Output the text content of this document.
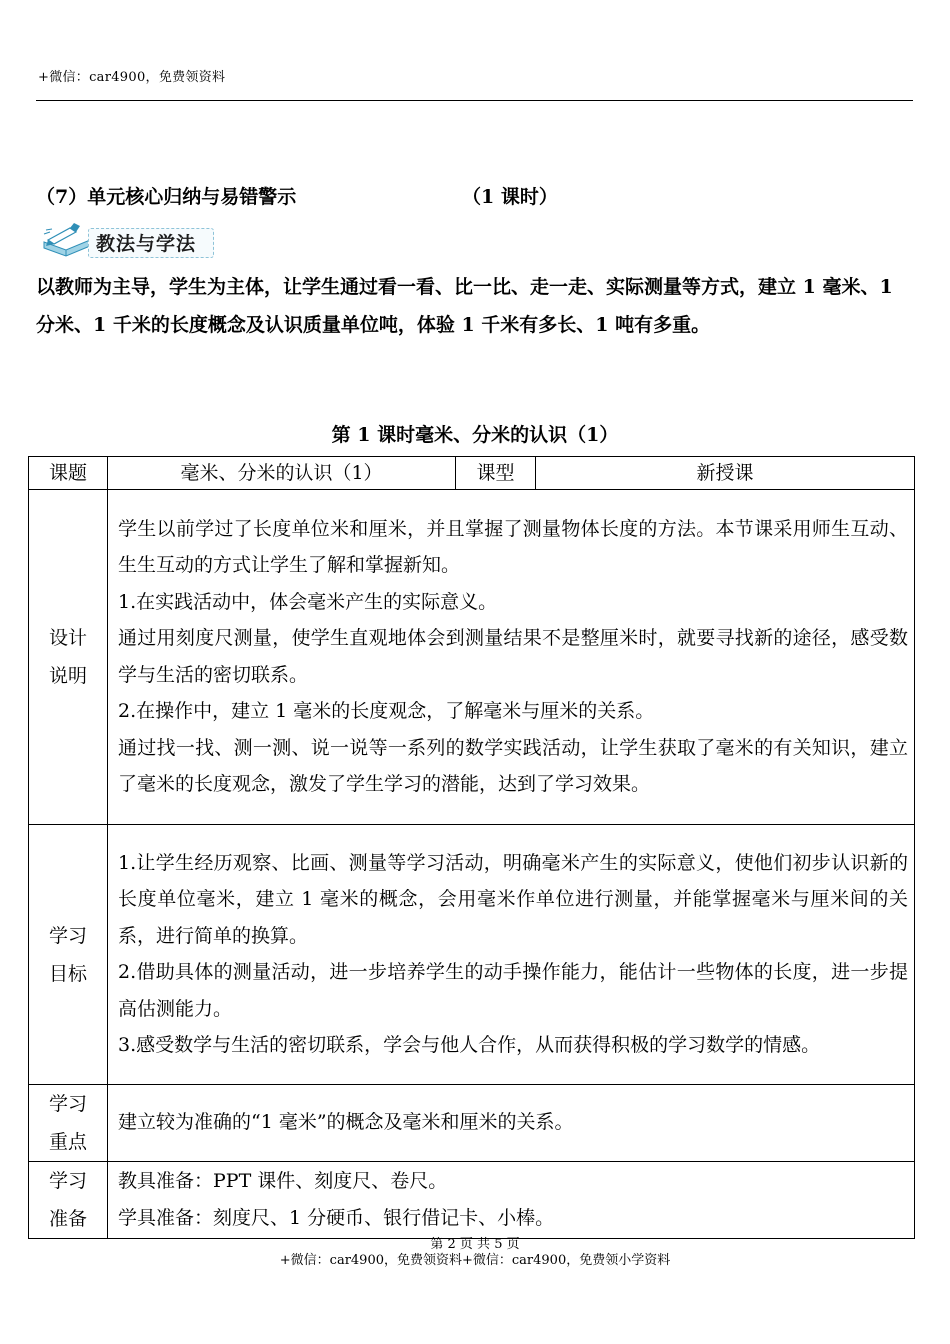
+微信：car4900，免费领资料
（7）单元核心归纳与易错警示	（1 课时）
教法与学法
以教师为主导，学生为主体，让学生通过看一看、比一比、走一走、实际测量等方式，建立 1 毫米、1 分米、1 千米的长度概念及认识质量单位吨，体验 1 千米有多长、1 吨有多重。
第 1 课时毫米、分米的认识（1）
课题	毫米、分米的认识（1）	课型	新授课

设计
说明	学生以前学过了长度单位米和厘米，并且掌握了测量物体长度的方法。本节课采用师生互动、生生互动的方式让学生了解和掌握新知。
1.在实践活动中，体会毫米产生的实际意义。
通过用刻度尺测量，使学生直观地体会到测量结果不是整厘米时，就要寻找新的途径，感受数学与生活的密切联系。
2.在操作中，建立 1 毫米的长度观念，了解毫米与厘米的关系。
通过找一找、测一测、说一说等一系列的数学实践活动，让学生获取了毫米的有关知识，建立了毫米的长度观念，激发了学生学习的潜能，达到了学习效果。		

学习
目标	1.让学生经历观察、比画、测量等学习活动，明确毫米产生的实际意义，使他们初步认识新的长度单位毫米，建立 1 毫米的概念，会用毫米作单位进行测量，并能掌握毫米与厘米间的关系，进行简单的换算。
2.借助具体的测量活动，进一步培养学生的动手操作能力，能估计一些物体的长度，进一步提高估测能力。
3.感受数学与生活的密切联系，学会与他人合作，从而获得积极的学习数学的情感。		

学习
重点	建立较为准确的“1 毫米”的概念及毫米和厘米的关系。		

学习
准备	教具准备：PPT 课件、刻度尺、卷尺。
学具准备：刻度尺、1 分硬币、银行借记卡、小棒。		
第 2 页 共 5 页
+微信：car4900，免费领资料+微信：car4900，免费领小学资料
